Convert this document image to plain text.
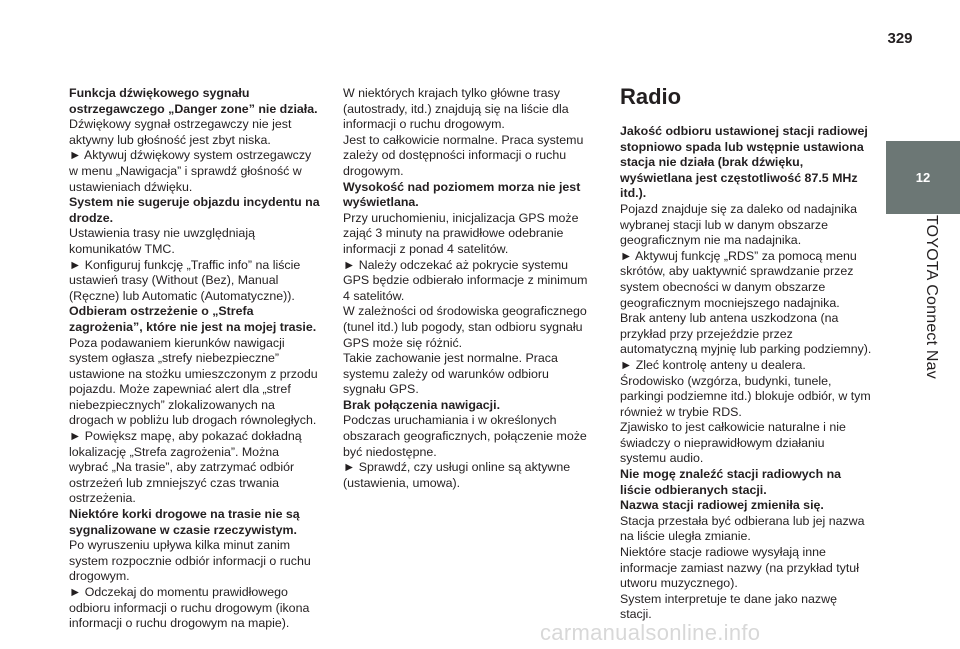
329
12
TOYOTA Connect Nav

Funkcja dźwiękowego sygnału ostrzegawczego „Danger zone” nie działa.

Dźwiękowy sygnał ostrzegawczy nie jest aktywny lub głośność jest zbyt niska.

► Aktywuj dźwiękowy system ostrzegawczy w menu „Nawigacja” i sprawdź głośność w ustawieniach dźwięku.

System nie sugeruje objazdu incydentu na drodze.

Ustawienia trasy nie uwzględniają komunikatów TMC.

► Konfiguruj funkcję „Traffic info” na liście ustawień trasy (Without (Bez), Manual (Ręczne) lub Automatic (Automatyczne)).

Odbieram ostrzeżenie o „Strefa zagrożenia”, które nie jest na mojej trasie.

Poza podawaniem kierunków nawigacji system ogłasza „strefy niebezpieczne” ustawione na stożku umieszczonym z przodu pojazdu. Może zapewniać alert dla „stref niebezpiecznych” zlokalizowanych na drogach w pobliżu lub drogach równoległych.

► Powiększ mapę, aby pokazać dokładną lokalizację „Strefa zagrożenia”. Można wybrać „Na trasie”, aby zatrzymać odbiór ostrzeżeń lub zmniejszyć czas trwania ostrzeżenia.

Niektóre korki drogowe na trasie nie są sygnalizowane w czasie rzeczywistym.

Po wyruszeniu upływa kilka minut zanim system rozpocznie odbiór informacji o ruchu drogowym.

► Odczekaj do momentu prawidłowego odbioru informacji o ruchu drogowym (ikona informacji o ruchu drogowym na mapie).

W niektórych krajach tylko główne trasy (autostrady, itd.) znajdują się na liście dla informacji o ruchu drogowym.

Jest to całkowicie normalne. Praca systemu zależy od dostępności informacji o ruchu drogowym.

Wysokość nad poziomem morza nie jest wyświetlana.

Przy uruchomieniu, inicjalizacja GPS może zająć 3 minuty na prawidłowe odebranie informacji z ponad 4 satelitów.

► Należy odczekać aż pokrycie systemu GPS będzie odbierało informacje z minimum 4 satelitów.

W zależności od środowiska geograficznego (tunel itd.) lub pogody, stan odbioru sygnału GPS może się różnić.

Takie zachowanie jest normalne. Praca systemu zależy od warunków odbioru sygnału GPS.

Brak połączenia nawigacji.

Podczas uruchamiania i w określonych obszarach geograficznych, połączenie może być niedostępne.

► Sprawdź, czy usługi online są aktywne (ustawienia, umowa).

Radio

Jakość odbioru ustawionej stacji radiowej stopniowo spada lub wstępnie ustawiona stacja nie działa (brak dźwięku, wyświetlana jest częstotliwość 87.5 MHz itd.).

Pojazd znajduje się za daleko od nadajnika wybranej stacji lub w danym obszarze geograficznym nie ma nadajnika.

► Aktywuj funkcję „RDS” za pomocą menu skrótów, aby uaktywnić sprawdzanie przez system obecności w danym obszarze geograficznym mocniejszego nadajnika.

Brak anteny lub antena uszkodzona (na przykład przy przejeździe przez automatyczną myjnię lub parking podziemny).

► Zleć kontrolę anteny u dealera.

Środowisko (wzgórza, budynki, tunele, parkingi podziemne itd.) blokuje odbiór, w tym również w trybie RDS.

Zjawisko to jest całkowicie naturalne i nie świadczy o nieprawidłowym działaniu systemu audio.

Nie mogę znaleźć stacji radiowych na liście odbieranych stacji.

Nazwa stacji radiowej zmieniła się.

Stacja przestała być odbierana lub jej nazwa na liście uległa zmianie.

Niektóre stacje radiowe wysyłają inne informacje zamiast nazwy (na przykład tytuł utworu muzycznego).

System interpretuje te dane jako nazwę stacji.

carmanualsonline.info
